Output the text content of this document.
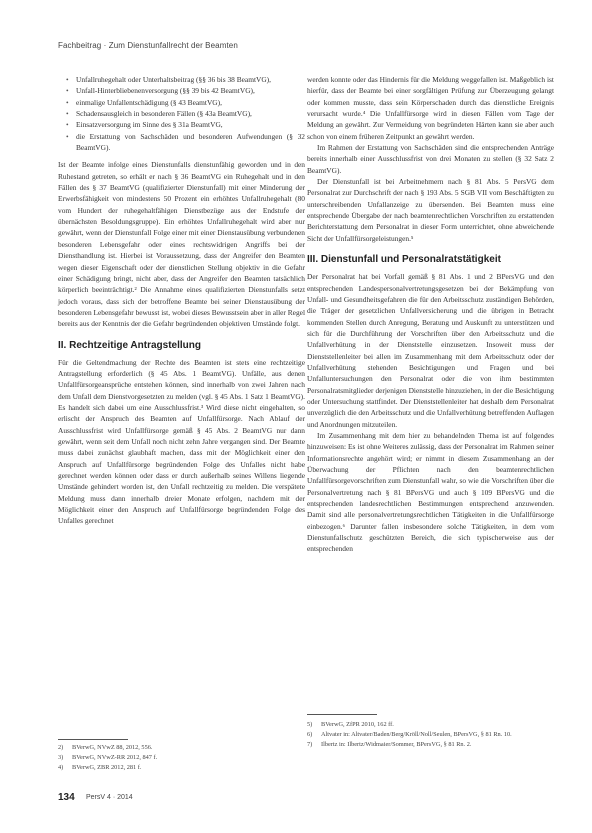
Fachbeitrag · Zum Dienstunfallrecht der Beamten
• Unfallruhegehalt oder Unterhaltsbeitrag (§§ 36 bis 38 BeamtVG),
• Unfall-Hinterbliebenenversorgung (§§ 39 bis 42 BeamtVG),
• einmalige Unfallentschädigung (§ 43 BeamtVG),
• Schadensausgleich in besonderen Fällen (§ 43a BeamtVG),
• Einsatzversorgung im Sinne des § 31a BeamtVG,
• die Erstattung von Sachschäden und besonderen Aufwendungen (§ 32 BeamtVG).

Ist der Beamte infolge eines Dienstunfalls dienstunfähig geworden und in den Ruhestand getreten, so erhält er nach § 36 BeamtVG ein Ruhegehalt und in den Fällen des § 37 BeamtVG (qualifizierter Dienstunfall) mit einer Minderung der Erwerbsfähigkeit von mindestens 50 Prozent ein erhöhtes Unfallruhegehalt (80 vom Hundert der ruhegehaltfähigen Dienstbezüge aus der Endstufe der übernächsten Besoldungsgruppe). Ein erhöhtes Unfallruhegehalt wird aber nur gewährt, wenn der Dienstunfall Folge einer mit einer Dienstausübung verbundenen besonderen Lebensgefahr oder eines rechtswidrigen Angriffs bei der Diensthandlung ist. Hierbei ist Voraussetzung, dass der Angreifer den Beamten wegen dieser Eigenschaft oder der dienstlichen Stellung objektiv in die Gefahr einer Schädigung bringt, nicht aber, dass der Angreifer den Beamten tatsächlich körperlich beeinträchtigt.² Die Annahme eines qualifizierten Dienstunfalls setzt jedoch voraus, dass sich der betroffene Beamte bei seiner Dienstausübung der besonderen Lebensgefahr bewusst ist, wobei dieses Bewusstsein aber in aller Regel bereits aus der Kenntnis der die Gefahr begründenden objektiven Umstände folgt.

II. Rechtzeitige Antragstellung

Für die Geltendmachung der Rechte des Beamten ist stets eine rechtzeitige Antragstellung erforderlich (§ 45 Abs. 1 BeamtVG). Unfälle, aus denen Unfallfürsorgeansprüche entstehen können, sind innerhalb von zwei Jahren nach dem Unfall dem Dienstvorgesetzten zu melden (vgl. § 45 Abs. 1 Satz 1 BeamtVG). Es handelt sich dabei um eine Ausschlussfrist.³ Wird diese nicht eingehalten, so erlischt der Anspruch des Beamten auf Unfallfürsorge. Nach Ablauf der Ausschlussfrist wird Unfallfürsorge gemäß § 45 Abs. 2 BeamtVG nur dann gewährt, wenn seit dem Unfall noch nicht zehn Jahre vergangen sind. Der Beamte muss dabei zunächst glaubhaft machen, dass mit der Möglichkeit einer den Anspruch auf Unfallfürsorge begründenden Folge des Unfalles nicht habe gerechnet werden können oder dass er durch außerhalb seines Willens liegende Umstände gehindert worden ist, den Unfall rechtzeitig zu melden. Die verspätete Meldung muss dann innerhalb dreier Monate erfolgen, nachdem mit der Möglichkeit einer den Anspruch auf Unfallfürsorge begründenden Folge des Unfalles gerechnet

werden konnte oder das Hindernis für die Meldung weggefallen ist. Maßgeblich ist hierfür, dass der Beamte bei einer sorgfältigen Prüfung zur Überzeugung gelangt oder kommen musste, dass sein Körperschaden durch das dienstliche Ereignis verursacht wurde.⁴ Die Unfallfürsorge wird in diesen Fällen vom Tage der Meldung an gewährt. Zur Vermeidung von begründeten Härten kann sie aber auch schon von einem früheren Zeitpunkt an gewährt werden.

Im Rahmen der Erstattung von Sachschäden sind die entsprechenden Anträge bereits innerhalb einer Ausschlussfrist von drei Monaten zu stellen (§ 32 Satz 2 BeamtVG).

Der Dienstunfall ist bei Arbeitnehmern nach § 81 Abs. 5 PersVG dem Personalrat zur Durchschrift der nach § 193 Abs. 5 SGB VII vom Beschäftigten zu unterschreibenden Unfallanzeige zu übersenden. Bei Beamten muss eine entsprechende Übergabe der nach beamtenrechtlichen Vorschriften zu erstattenden Berichterstattung dem Personalrat in dieser Form unterrichtet, ohne abweichende Sicht der Unfallfürsorgeleistungen.⁵

III. Dienstunfall und Personalratstätigkeit

Der Personalrat hat bei Vorfall gemäß § 81 Abs. 1 und 2 BPersVG und den entsprechenden Landespersonalvertretungsgesetzen bei der Bekämpfung von Unfall- und Gesundheitsgefahren die für den Arbeitsschutz zuständigen Behörden, die Träger der gesetzlichen Unfallversicherung und die übrigen in Betracht kommenden Stellen durch Anregung, Beratung und Auskunft zu unterstützen und sich für die Durchführung der Vorschriften über den Arbeitsschutz und die Unfallverhütung in der Dienststelle einzusetzen. Insoweit muss der Dienststellenleiter bei allen im Zusammenhang mit dem Arbeitsschutz oder der Unfallverhütung stehenden Besichtigungen und Fragen und bei Unfalluntersuchungen den Personalrat oder die von ihm bestimmten Personalratsmitglieder derjenigen Dienststelle hinzuziehen, in der die Besichtigung oder Untersuchung stattfindet. Der Dienststellenleiter hat deshalb dem Personalrat unverzüglich die den Arbeitsschutz und die Unfallverhütung betreffenden Auflagen und Anordnungen mitzuteilen.

Im Zusammenhang mit dem hier zu behandelnden Thema ist auf folgendes hinzuweisen: Es ist ohne Weiteres zulässig, dass der Personalrat im Rahmen seiner Informationsrechte angehört wird; er nimmt in diesem Zusammenhang an der Überwachung der Pflichten nach den beamtenrechtlichen Unfallfürsorgevorschriften zum Dienstunfall wahr, so wie die Vorschriften über die Personalvertretung nach § 81 BPersVG und auch § 109 BPersVG und die entsprechenden landesrechtlichen Bestimmungen entsprechend anzuwenden. Damit sind alle personalvertretungsrechtlichen Tätigkeiten in die Unfallfürsorge einbezogen.⁶ Darunter fallen insbesondere solche Tätigkeiten, in dem vom Dienstunfallschutz geschützten Bereich, die sich typischerweise aus der entsprechenden

2)	BVerwG, NVwZ 88, 2012, 556.
3)	BVerwG, NVwZ-RR 2012, 847 f.
4)	BVerwG, ZBR 2012, 281 f.
5)	BVerwG, ZfPR 2010, 162 ff.
6)	Altvater in: Altvater/Baden/Berg/Kröll/Noll/Seulen, BPersVG, § 81 Rn. 10.
7)	Ilbertz in: Ilbertz/Widmaier/Sommer, BPersVG, § 81 Rn. 2.
134 PersV 4 · 2014
